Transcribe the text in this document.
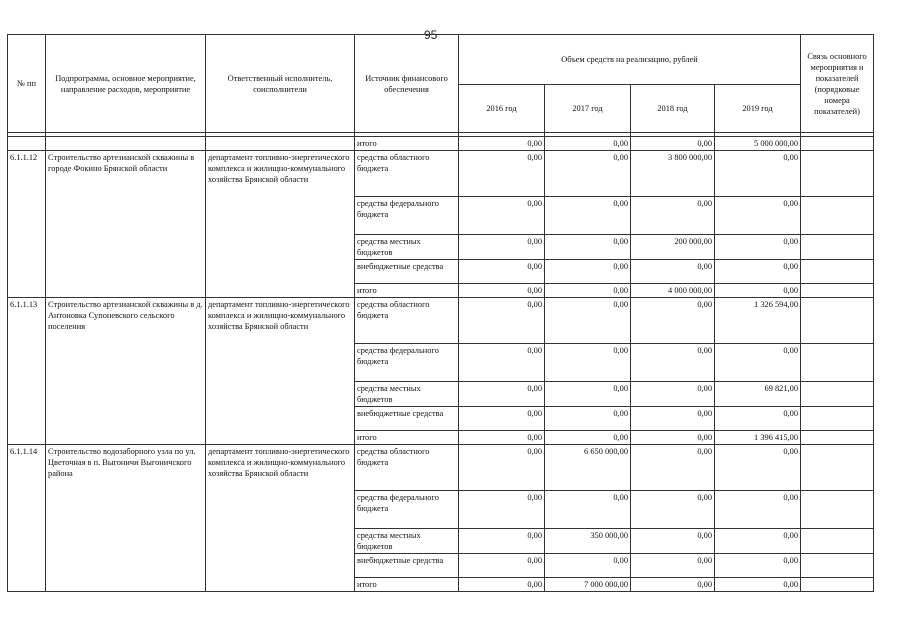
95
№ пп	Подпрограмма, основное мероприятие, направление расходов, мероприятие	Ответственный исполнитель, соисполнители	Источник финансового обеспечения	Объем средств на реализацию, рублей				Связь основного мероприятия и показателей (порядковые номера показателей)
				2016 год	2017 год	2018 год	2019 год	

			итого	0,00	0,00	0,00	5 000 000,00	
6.1.1.12	Строительство артезианской скважины в городе Фокино Брянской области	департамент топливно-энергетического комплекса и жилищно-коммунального хозяйства Брянской области	средства областного бюджета	0,00	0,00	3 800 000,00	0,00	
			средства федерального бюджета	0,00	0,00	0,00	0,00	
			средства местных бюджетов	0,00	0,00	200 000,00	0,00	
			внебюджетные средства	0,00	0,00	0,00	0,00	
			итого	0,00	0,00	4 000 000,00	0,00	
6.1.1.13	Строительство артезианской скважины в д. Антоновка Супоневского сельского поселения	департамент топливно-энергетического комплекса и жилищно-коммунального хозяйства Брянской области	средства областного бюджета	0,00	0,00	0,00	1 326 594,00	
			средства федерального бюджета	0,00	0,00	0,00	0,00	
			средства местных бюджетов	0,00	0,00	0,00	69 821,00	
			внебюджетные средства	0,00	0,00	0,00	0,00	
			итого	0,00	0,00	0,00	1 396 415,00	
6.1.1.14	Строительство водозаборного узла по ул. Цветочная в п. Выгоничи Выгоничского района	департамент топливно-энергетического комплекса и жилищно-коммунального хозяйства Брянской области	средства областного бюджета	0,00	6 650 000,00	0,00	0,00	
			средства федерального бюджета	0,00	0,00	0,00	0,00	
			средства местных бюджетов	0,00	350 000,00	0,00	0,00	
			внебюджетные средства	0,00	0,00	0,00	0,00	
			итого	0,00	7 000 000,00	0,00	0,00	
